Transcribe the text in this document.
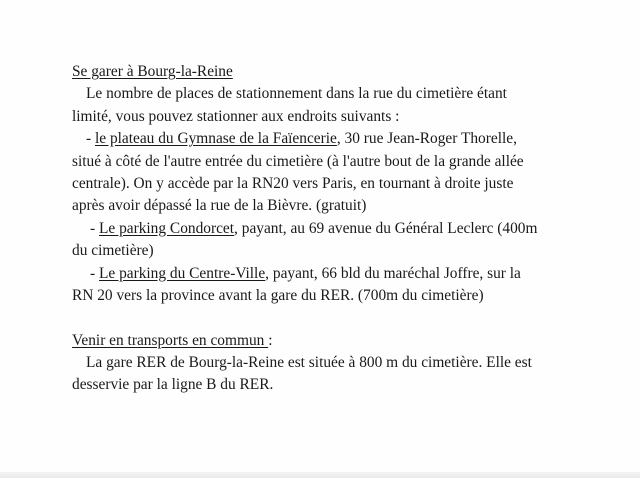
Se garer à Bourg-la-Reine
Le nombre de places de stationnement dans la rue du cimetière étant
limité, vous pouvez stationner aux endroits suivants :
- le plateau du Gymnase de la Faïencerie, 30 rue Jean-Roger Thorelle,
situé à côté de l'autre entrée du cimetière (à l'autre bout de la grande allée
centrale). On y accède par la RN20 vers Paris, en tournant à droite juste
après avoir dépassé la rue de la Bièvre. (gratuit)
- Le parking Condorcet, payant, au 69 avenue du Général Leclerc (400m
du cimetière)
- Le parking du Centre-Ville, payant, 66 bld du maréchal Joffre, sur la
RN 20 vers la province avant la gare du RER. (700m du cimetière)
Venir en transports en commun :
La gare RER de Bourg-la-Reine est située à 800 m du cimetière. Elle est
desservie par la ligne B du RER.
